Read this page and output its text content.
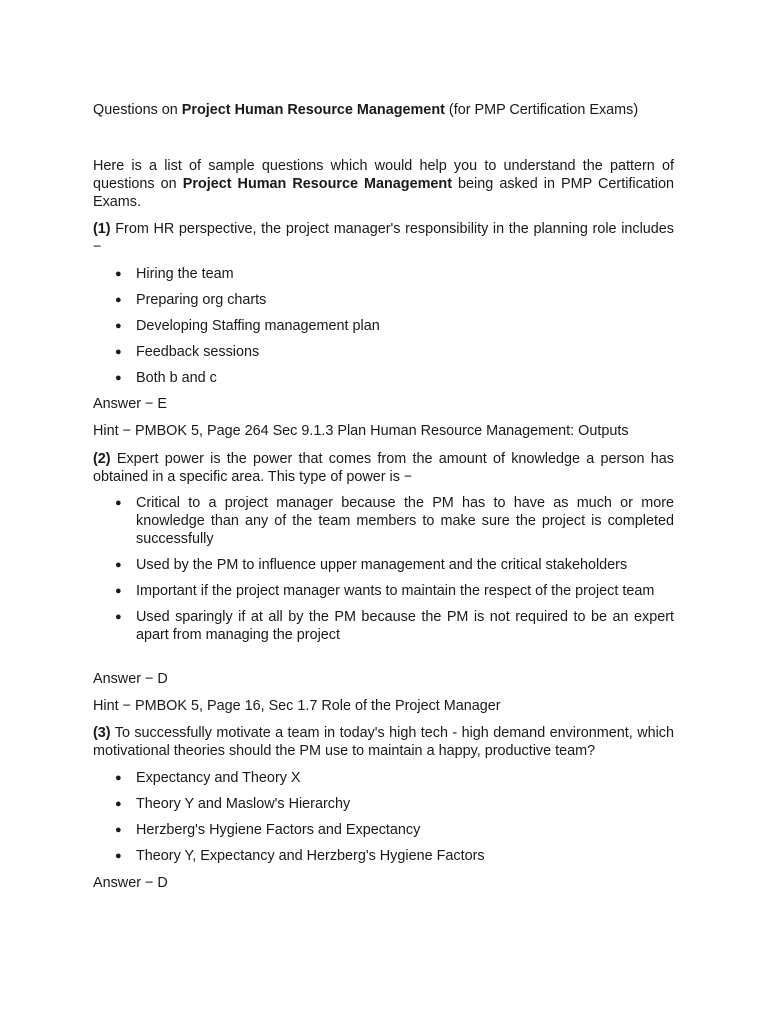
Questions on Project Human Resource Management (for PMP Certification Exams)
Here is a list of sample questions which would help you to understand the pattern of questions on Project Human Resource Management being asked in PMP Certification Exams.

(1) From HR perspective, the project manager's responsibility in the planning role includes −

● Hiring the team
● Preparing org charts
● Developing Staffing management plan
● Feedback sessions
● Both b and c
Answer − E
Hint − PMBOK 5, Page 264 Sec 9.1.3 Plan Human Resource Management: Outputs

(2) Expert power is the power that comes from the amount of knowledge a person has obtained in a specific area. This type of power is −

● Critical to a project manager because the PM has to have as much or more knowledge than any of the team members to make sure the project is completed successfully
● Used by the PM to influence upper management and the critical stakeholders
● Important if the project manager wants to maintain the respect of the project team
● Used sparingly if at all by the PM because the PM is not required to be an expert apart from managing the project
Answer − D
Hint − PMBOK 5, Page 16, Sec 1.7 Role of the Project Manager

(3) To successfully motivate a team in today's high tech - high demand environment, which motivational theories should the PM use to maintain a happy, productive team?

● Expectancy and Theory X
● Theory Y and Maslow's Hierarchy
● Herzberg's Hygiene Factors and Expectancy
● Theory Y, Expectancy and Herzberg's Hygiene Factors
Answer − D
